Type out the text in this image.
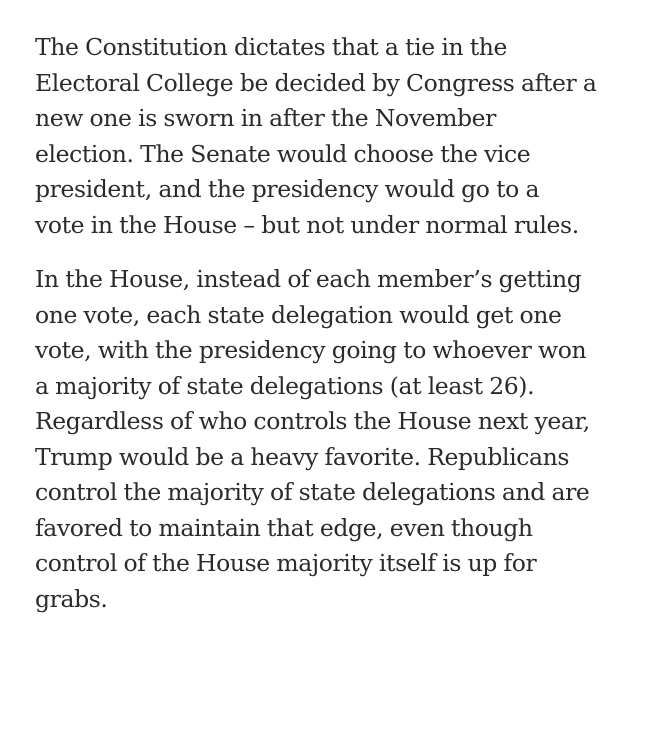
The Constitution dictates that a tie in the
Electoral College be decided by Congress after a
new one is sworn in after the November
election. The Senate would choose the vice
president, and the presidency would go to a
vote in the House – but not under normal rules.

In the House, instead of each member’s getting
one vote, each state delegation would get one
vote, with the presidency going to whoever won
a majority of state delegations (at least 26).
Regardless of who controls the House next year,
Trump would be a heavy favorite. Republicans
control the majority of state delegations and are
favored to maintain that edge, even though
control of the House majority itself is up for
grabs.
